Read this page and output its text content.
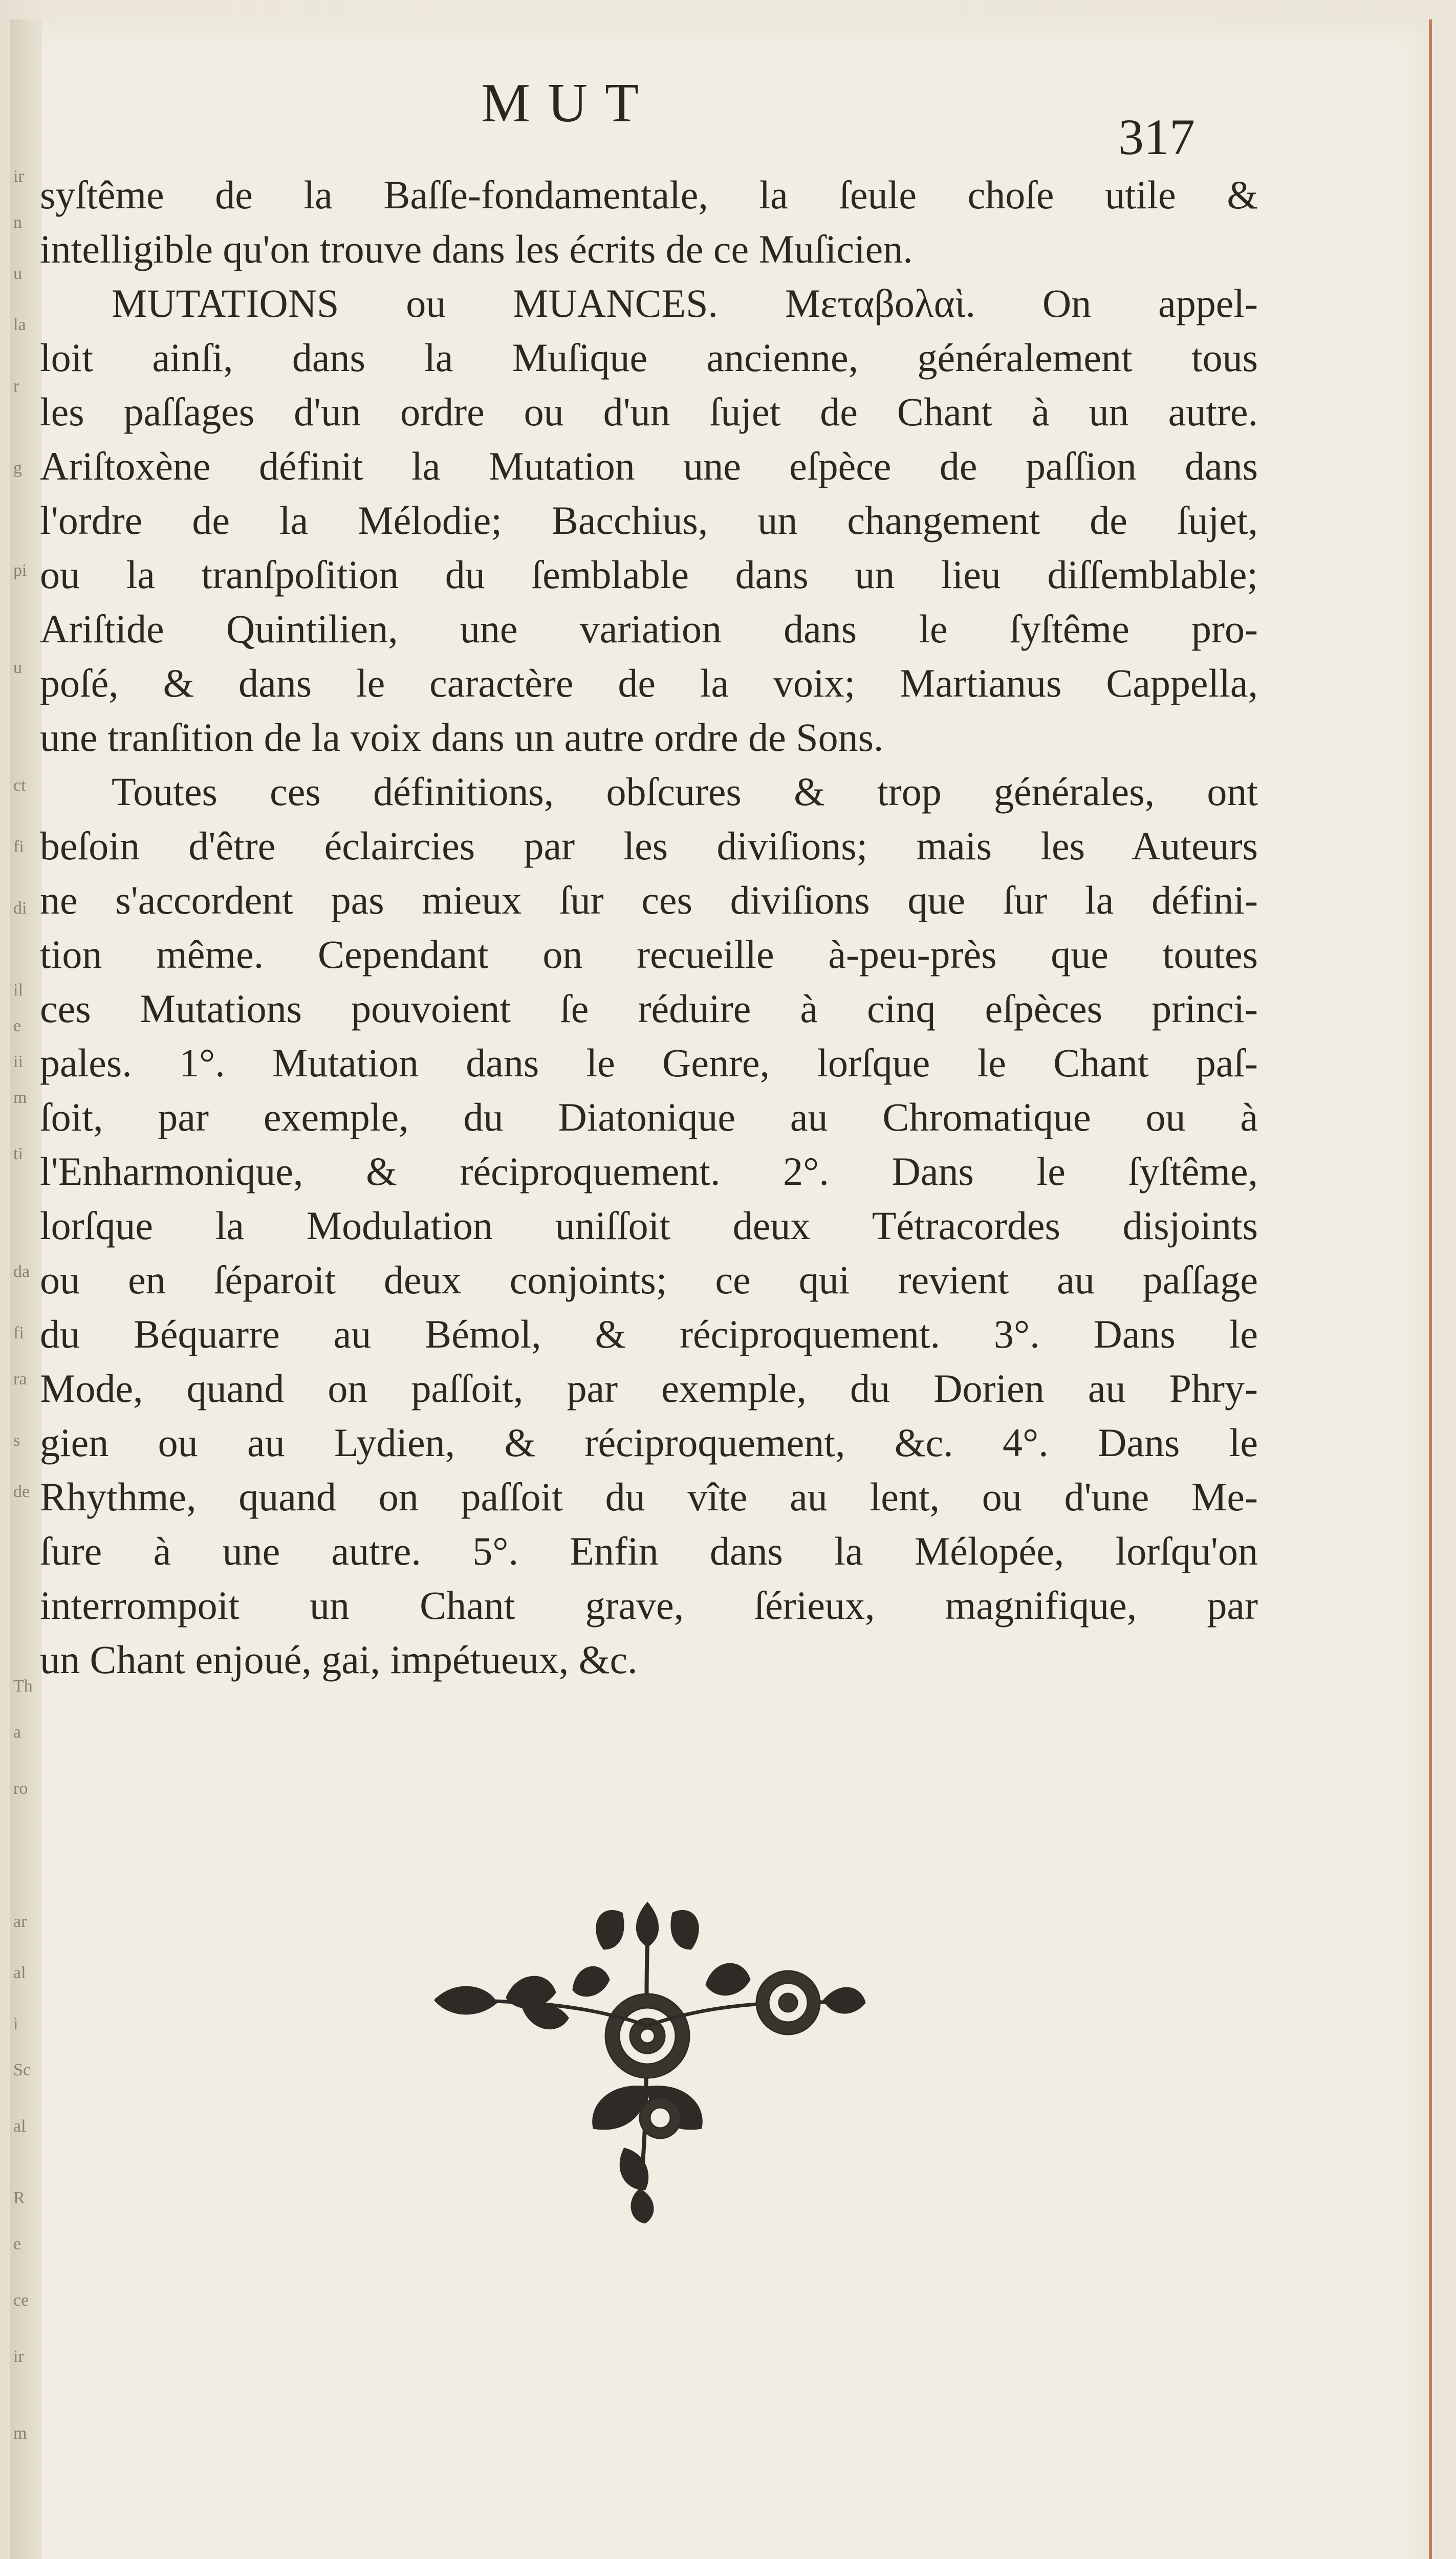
ir
n
u
la
r
g
pi
u
ct
fi
di
il
e
ii
m
ti
da
fi
ra
s
de
Th
a
ro
ar
al
i
Sc
al
R
e
ce
ir
m
MUT
317
syſtême de la Baſſe-fondamentale, la ſeule choſe utile &
intelligible qu'on trouve dans les écrits de ce Muſicien.
MUTATIONS ou MUANCES. Μεταβολαὶ. On appel-
loit ainſi, dans la Muſique ancienne, généralement tous
les paſſages d'un ordre ou d'un ſujet de Chant à un autre.
Ariſtoxène définit la Mutation une eſpèce de paſſion dans
l'ordre de la Mélodie; Bacchius, un changement de ſujet,
ou la tranſpoſition du ſemblable dans un lieu diſſemblable;
Ariſtide Quintilien, une variation dans le ſyſtême pro-
poſé, & dans le caractère de la voix; Martianus Cappella,
une tranſition de la voix dans un autre ordre de Sons.
Toutes ces définitions, obſcures & trop générales, ont
beſoin d'être éclaircies par les diviſions; mais les Auteurs
ne s'accordent pas mieux ſur ces diviſions que ſur la défini-
tion même. Cependant on recueille à-peu-près que toutes
ces Mutations pouvoient ſe réduire à cinq eſpèces princi-
pales. 1°. Mutation dans le Genre, lorſque le Chant paſ-
ſoit, par exemple, du Diatonique au Chromatique ou à
l'Enharmonique, & réciproquement. 2°. Dans le ſyſtême,
lorſque la Modulation uniſſoit deux Tétracordes disjoints
ou en ſéparoit deux conjoints; ce qui revient au paſſage
du Béquarre au Bémol, & réciproquement. 3°. Dans le
Mode, quand on paſſoit, par exemple, du Dorien au Phry-
gien ou au Lydien, & réciproquement, &c. 4°. Dans le
Rhythme, quand on paſſoit du vîte au lent, ou d'une Me-
ſure à une autre. 5°. Enfin dans la Mélopée, lorſqu'on
interrompoit un Chant grave, ſérieux, magnifique, par
un Chant enjoué, gai, impétueux, &c.
